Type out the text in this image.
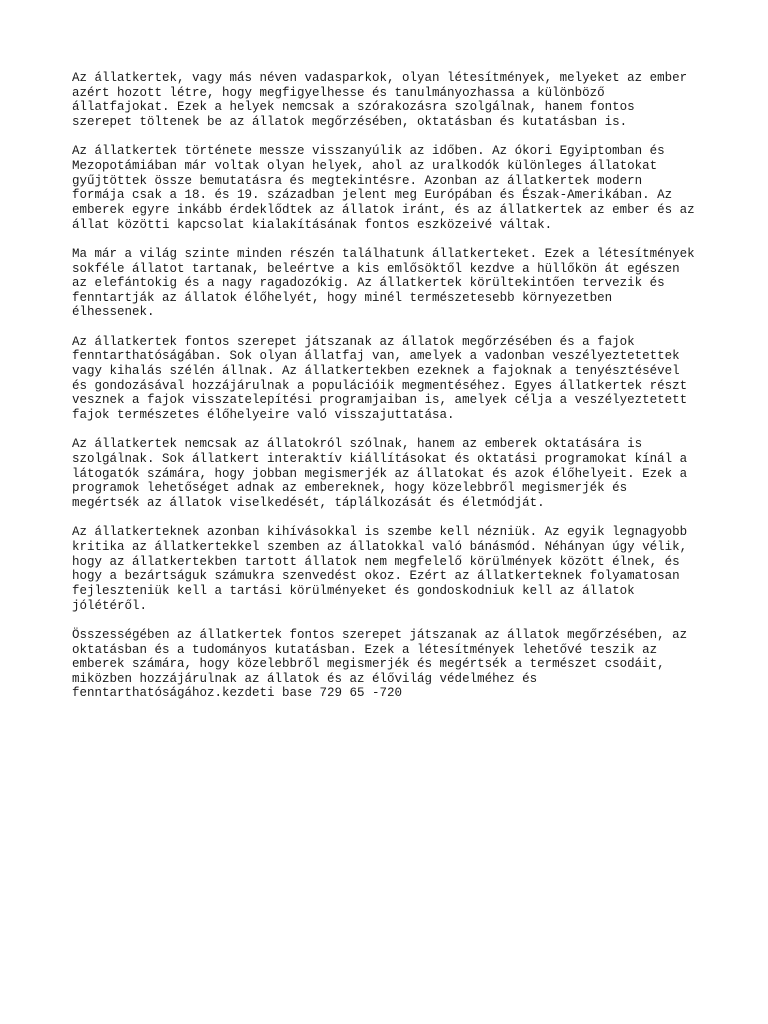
Az állatkertek, vagy más néven vadasparkok, olyan létesítmények, melyeket az ember
azért hozott létre, hogy megfigyelhesse és tanulmányozhassa a különböző
állatfajokat. Ezek a helyek nemcsak a szórakozásra szolgálnak, hanem fontos
szerepet töltenek be az állatok megőrzésében, oktatásban és kutatásban is.

Az állatkertek története messze visszanyúlik az időben. Az ókori Egyiptomban és
Mezopotámiában már voltak olyan helyek, ahol az uralkodók különleges állatokat
gyűjtöttek össze bemutatásra és megtekintésre. Azonban az állatkertek modern
formája csak a 18. és 19. században jelent meg Európában és Észak-Amerikában. Az
emberek egyre inkább érdeklődtek az állatok iránt, és az állatkertek az ember és az
állat közötti kapcsolat kialakításának fontos eszközeivé váltak.

Ma már a világ szinte minden részén találhatunk állatkerteket. Ezek a létesítmények
sokféle állatot tartanak, beleértve a kis emlősöktől kezdve a hüllőkön át egészen
az elefántokig és a nagy ragadozókig. Az állatkertek körültekintően tervezik és
fenntartják az állatok élőhelyét, hogy minél természetesebb környezetben
élhessenek.

Az állatkertek fontos szerepet játszanak az állatok megőrzésében és a fajok
fenntarthatóságában. Sok olyan állatfaj van, amelyek a vadonban veszélyeztetettek
vagy kihalás szélén állnak. Az állatkertekben ezeknek a fajoknak a tenyésztésével
és gondozásával hozzájárulnak a populációik megmentéséhez. Egyes állatkertek részt
vesznek a fajok visszatelepítési programjaiban is, amelyek célja a veszélyeztetett
fajok természetes élőhelyeire való visszajuttatása.

Az állatkertek nemcsak az állatokról szólnak, hanem az emberek oktatására is
szolgálnak. Sok állatkert interaktív kiállításokat és oktatási programokat kínál a
látogatók számára, hogy jobban megismerjék az állatokat és azok élőhelyeit. Ezek a
programok lehetőséget adnak az embereknek, hogy közelebbről megismerjék és
megértsék az állatok viselkedését, táplálkozását és életmódját.

Az állatkerteknek azonban kihívásokkal is szembe kell nézniük. Az egyik legnagyobb
kritika az állatkertekkel szemben az állatokkal való bánásmód. Néhányan úgy vélik,
hogy az állatkertekben tartott állatok nem megfelelő körülmények között élnek, és
hogy a bezártságuk számukra szenvedést okoz. Ezért az állatkerteknek folyamatosan
fejleszteniük kell a tartási körülményeket és gondoskodniuk kell az állatok
jólétéről.

Összességében az állatkertek fontos szerepet játszanak az állatok megőrzésében, az
oktatásban és a tudományos kutatásban. Ezek a létesítmények lehetővé teszik az
emberek számára, hogy közelebbről megismerjék és megértsék a természet csodáit,
miközben hozzájárulnak az állatok és az élővilág védelméhez és
fenntarthatóságához.kezdeti base 729 65 -720
